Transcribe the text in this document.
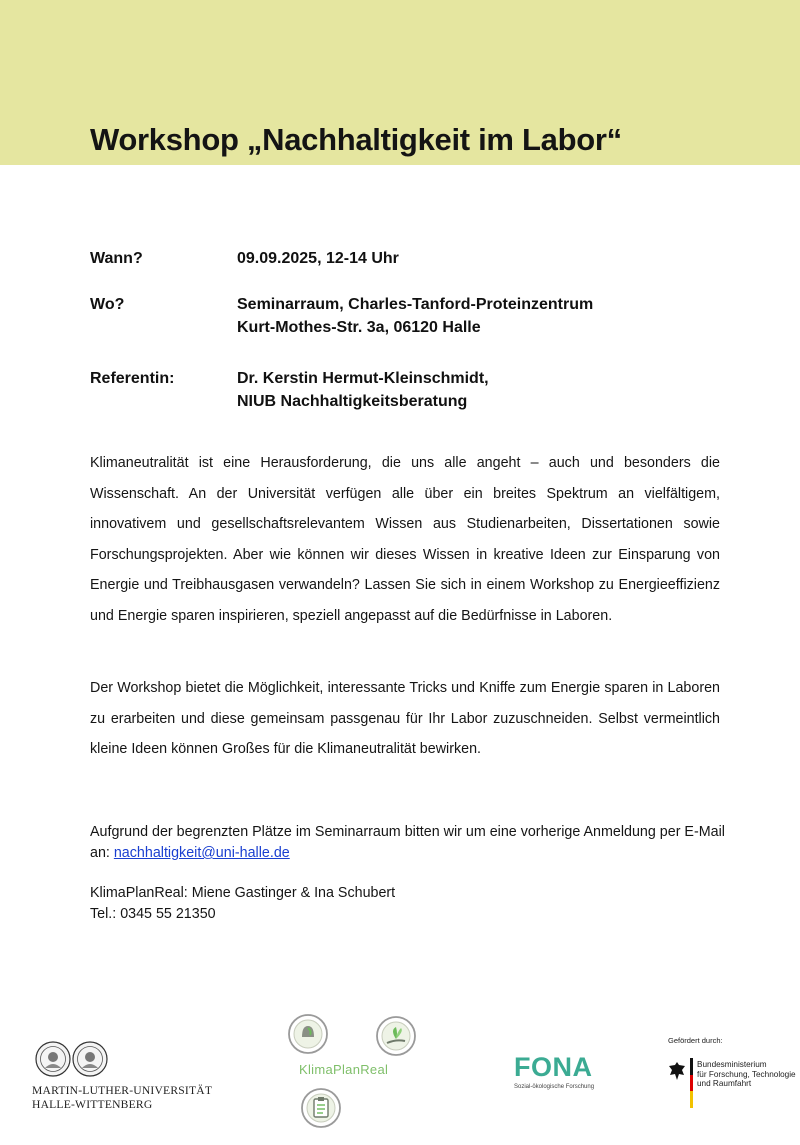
Workshop „Nachhaltigkeit im Labor“
Wann?	09.09.2025, 12-14 Uhr
Wo?	Seminarraum, Charles-Tanford-Proteinzentrum
Kurt-Mothes-Str. 3a, 06120 Halle
Referentin:	Dr. Kerstin Hermut-Kleinschmidt,
NIUB Nachhaltigkeitsberatung

Klimaneutralität ist eine Herausforderung, die uns alle angeht – auch und besonders die Wissenschaft. An der Universität verfügen alle über ein breites Spektrum an vielfältigem, innovativem und gesellschaftsrelevantem Wissen aus Studienarbeiten, Dissertationen sowie Forschungsprojekten. Aber wie können wir dieses Wissen in kreative Ideen zur Einsparung von Energie und Treibhausgasen verwandeln? Lassen Sie sich in einem Workshop zu Energieeffizienz und Energie sparen inspirieren, speziell angepasst auf die Bedürfnisse in Laboren.

Der Workshop bietet die Möglichkeit, interessante Tricks und Kniffe zum Energie sparen in Laboren zu erarbeiten und diese gemeinsam passgenau für Ihr Labor zuzuschneiden. Selbst vermeintlich kleine Ideen können Großes für die Klimaneutralität bewirken.

Aufgrund der begrenzten Plätze im Seminarraum bitten wir um eine vorherige Anmeldung per E-Mail an: nachhaltigkeit@uni-halle.de

KlimaPlanReal: Miene Gastinger & Ina Schubert

Tel.: 0345 55 21350

MARTIN-LUTHER-UNIVERSITÄT
HALLE-WITTENBERG
KlimaPlanReal	FONA
Sozial-ökologische Forschung
Gefördert durch:
Bundesministerium
für Forschung, Technologie
und Raumfahrt
